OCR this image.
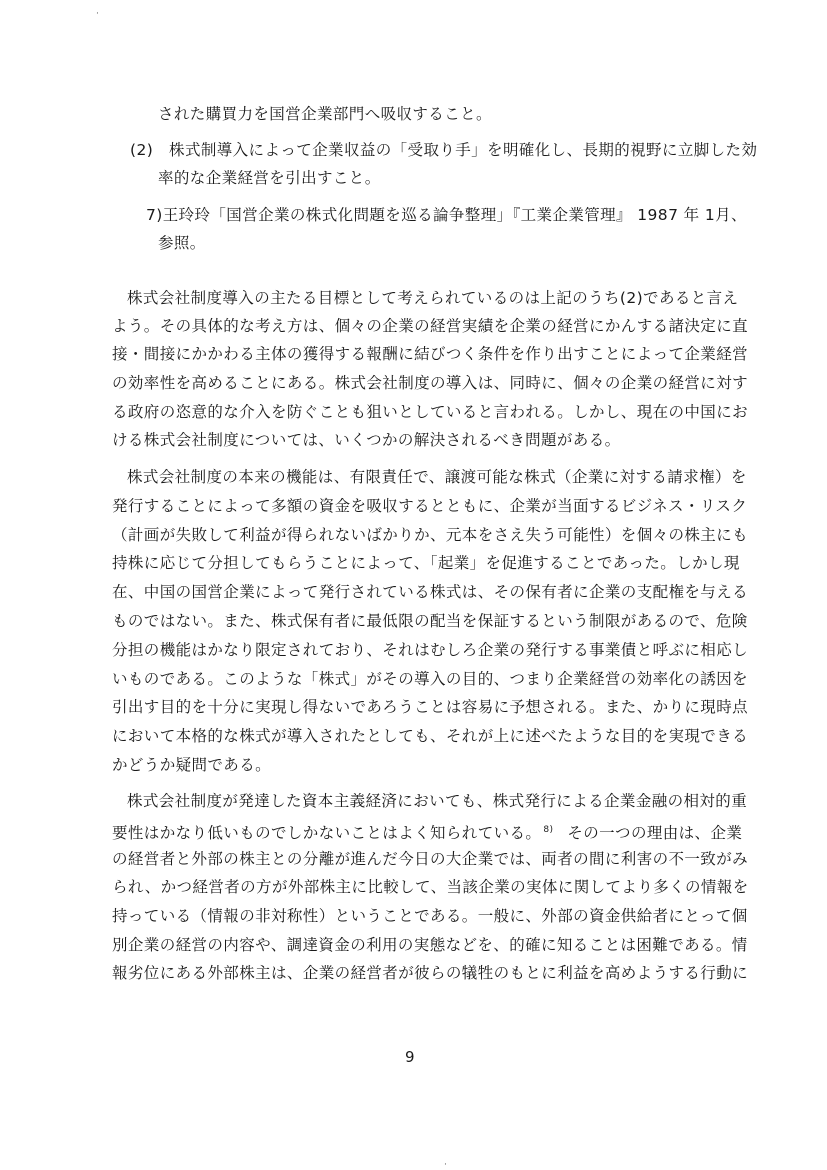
された購買力を国営企業部門へ吸収すること。
(2)　株式制導入によって企業収益の「受取り手」を明確化し、長期的視野に立脚した効
率的な企業経営を引出すこと。
7)王玲玲「国営企業の株式化問題を巡る論争整理」『工業企業管理』 1987 年 1月、
参照。
株式会社制度導入の主たる目標として考えられているのは上記のうち(2)であると言え
よう。その具体的な考え方は、個々の企業の経営実績を企業の経営にかんする諸決定に直
接・間接にかかわる主体の獲得する報酬に結びつく条件を作り出すことによって企業経営
の効率性を高めることにある。株式会社制度の導入は、同時に、個々の企業の経営に対す
る政府の恣意的な介入を防ぐことも狙いとしていると言われる。しかし、現在の中国にお
ける株式会社制度については、いくつかの解決されるべき問題がある。
株式会社制度の本来の機能は、有限責任で、譲渡可能な株式（企業に対する請求権）を
発行することによって多額の資金を吸収するとともに、企業が当面するビジネス・リスク
（計画が失敗して利益が得られないばかりか、元本をさえ失う可能性）を個々の株主にも
持株に応じて分担してもらうことによって、「起業」を促進することであった。しかし現
在、中国の国営企業によって発行されている株式は、その保有者に企業の支配権を与える
ものではない。また、株式保有者に最低限の配当を保証するという制限があるので、危険
分担の機能はかなり限定されており、それはむしろ企業の発行する事業債と呼ぶに相応し
いものである。このような「株式」がその導入の目的、つまり企業経営の効率化の誘因を
引出す目的を十分に実現し得ないであろうことは容易に予想される。また、かりに現時点
において本格的な株式が導入されたとしても、それが上に述べたような目的を実現できる
かどうか疑問である。
株式会社制度が発達した資本主義経済においても、株式発行による企業金融の相対的重
要性はかなり低いものでしかないことはよく知られている。 $^{8)}$ その一つの理由は、企業
の経営者と外部の株主との分離が進んだ今日の大企業では、両者の間に利害の不一致がみ
られ、かつ経営者の方が外部株主に比較して、当該企業の実体に関してより多くの情報を
持っている（情報の非対称性）ということである。一般に、外部の資金供給者にとって個
別企業の経営の内容や、調達資金の利用の実態などを、的確に知ることは困難である。情
報劣位にある外部株主は、企業の経営者が彼らの犠牲のもとに利益を高めようする行動に
9
·
·
